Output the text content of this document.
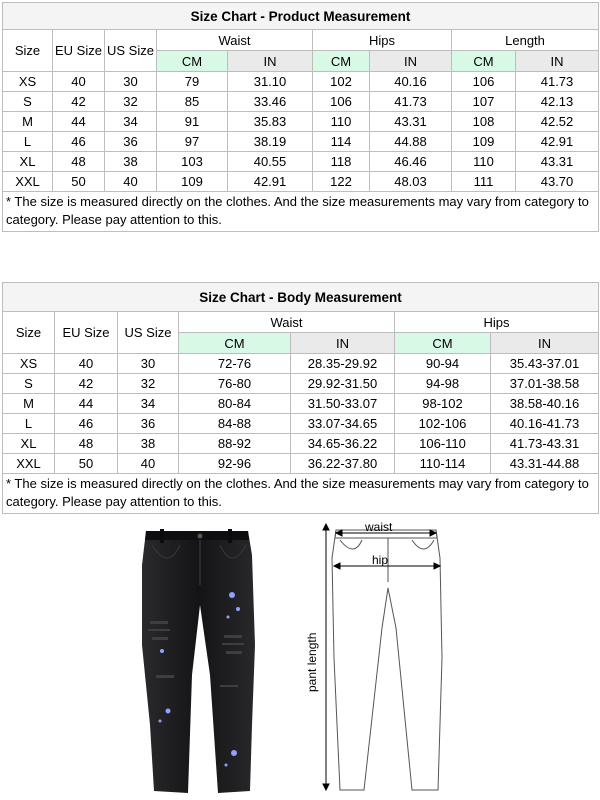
Size Chart - Product Measurement								
Size	EU Size	US Size	Waist		Hips		Length	
			CM	IN	CM	IN	CM	IN
XS	40	30	79	31.10	102	40.16	106	41.73
S	42	32	85	33.46	106	41.73	107	42.13
M	44	34	91	35.83	110	43.31	108	42.52
L	46	36	97	38.19	114	44.88	109	42.91
XL	48	38	103	40.55	118	46.46	110	43.31
XXL	50	40	109	42.91	122	48.03	111	43.70
* The size is measured directly on the clothes. And the size measurements may vary from category to category. Please pay attention to this.								
Size Chart - Body Measurement						
Size	EU Size	US Size	Waist		Hips	
			CM	IN	CM	IN
XS	40	30	72-76	28.35-29.92	90-94	35.43-37.01
S	42	32	76-80	29.92-31.50	94-98	37.01-38.58
M	44	34	80-84	31.50-33.07	98-102	38.58-40.16
L	46	36	84-88	33.07-34.65	102-106	40.16-41.73
XL	48	38	88-92	34.65-36.22	106-110	41.73-43.31
XXL	50	40	92-96	36.22-37.80	110-114	43.31-44.88
* The size is measured directly on the clothes. And the size measurements may vary from category to category. Please pay attention to this.						
waist
hip
pant length
